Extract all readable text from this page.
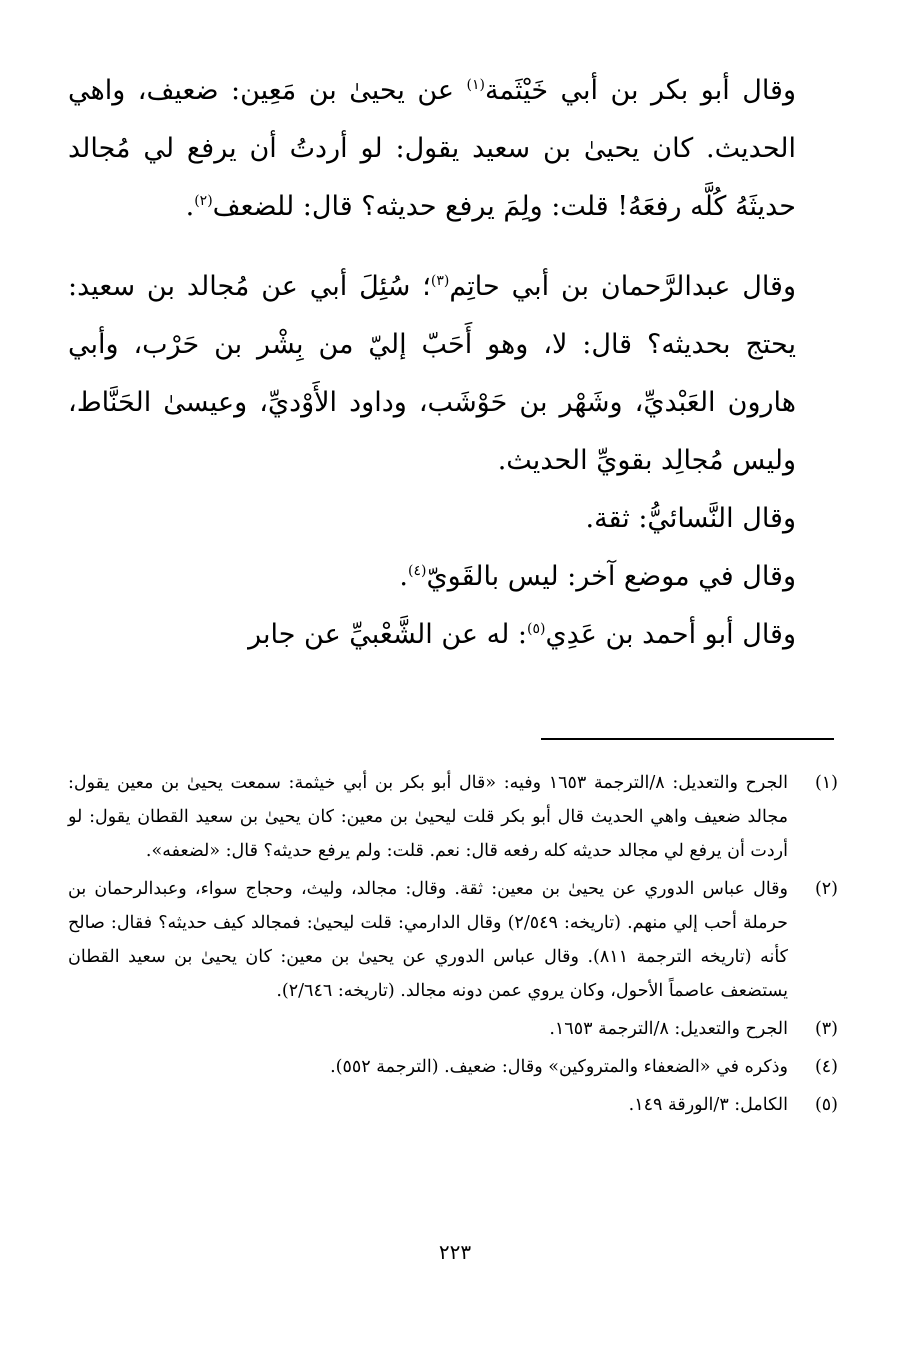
وقال أبو بكر بن أبي خَيْثَمة$^{(١)}$ عن يحيىٰ بن مَعِين: ضعيف، واهي الحديث. كان يحيىٰ بن سعيد يقول: لو أردتُ أن يرفع لي مُجالد حديثَهُ كُلَّه رفعَهُ! قلت: ولِمَ يرفع حديثه؟ قال: للضعف$^{(٢)}$.

وقال عبدالرَّحمان بن أبي حاتِم$^{(٣)}$؛ سُئِلَ أبي عن مُجالد بن سعيد: يحتج بحديثه؟ قال: لا، وهو أَحَبّ إليّ من بِشْر بن حَرْب، وأبي هارون العَبْديِّ، وشَهْر بن حَوْشَب، وداود الأَوْديِّ، وعيسىٰ الحَنَّاط، وليس مُجالِد بقويِّ الحديث.

وقال النَّسائيُّ: ثقة.

وقال في موضع آخر: ليس بالقَويّ$^{(٤)}$.

وقال أبو أحمد بن عَدِي$^{(٥)}$: له عن الشَّعْبيِّ عن جابر

(١)
الجرح والتعديل: ٨/الترجمة ١٦٥٣ وفيه: «قال أبو بكر بن أبي خيثمة: سمعت يحيىٰ بن معين يقول: مجالد ضعيف واهي الحديث قال أبو بكر قلت ليحيىٰ بن معين: كان يحيىٰ بن سعيد القطان يقول: لو أردت أن يرفع لي مجالد حديثه كله رفعه قال: نعم. قلت: ولم يرفع حديثه؟ قال: «لضعفه».
(٢)
وقال عباس الدوري عن يحيىٰ بن معين: ثقة. وقال: مجالد، وليث، وحجاج سواء، وعبدالرحمان بن حرملة أحب إلي منهم. (تاريخه: ٢/٥٤٩) وقال الدارمي: قلت ليحيىٰ: فمجالد كيف حديثه؟ فقال: صالح كأنه (تاريخه الترجمة ٨١١). وقال عباس الدوري عن يحيىٰ بن معين: كان يحيىٰ بن سعيد القطان يستضعف عاصماً الأحول، وكان يروي عمن دونه مجالد. (تاريخه: ٢/٦٤٦).
(٣)
الجرح والتعديل: ٨/الترجمة ١٦٥٣.
(٤)
وذكره في «الضعفاء والمتروكين» وقال: ضعيف. (الترجمة ٥٥٢).
(٥)
الكامل: ٣/الورقة ١٤٩.
٢٢٣
